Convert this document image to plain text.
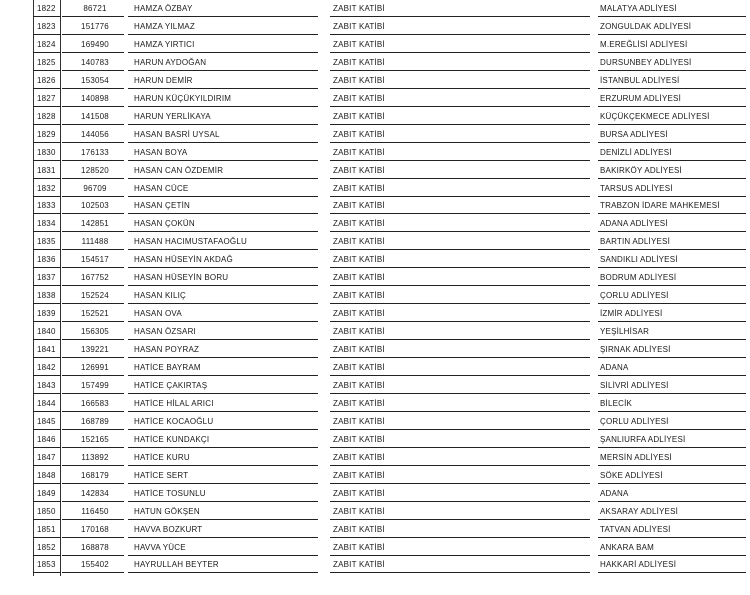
1822	86721	HAMZA ÖZBAY	ZABIT KATİBİ	MALATYA ADLİYESİ
1823	151776	HAMZA YILMAZ	ZABIT KATİBİ	ZONGULDAK ADLİYESİ
1824	169490	HAMZA YIRTICI	ZABIT KATİBİ	M.EREĞLİSİ ADLİYESİ
1825	140783	HARUN AYDOĞAN	ZABIT KATİBİ	DURSUNBEY ADLİYESİ
1826	153054	HARUN DEMİR	ZABIT KATİBİ	İSTANBUL ADLİYESİ
1827	140898	HARUN KÜÇÜKYILDIRIM	ZABIT KATİBİ	ERZURUM ADLİYESİ
1828	141508	HARUN YERLİKAYA	ZABIT KATİBİ	KÜÇÜKÇEKMECE ADLİYESİ
1829	144056	HASAN BASRİ UYSAL	ZABIT KATİBİ	BURSA ADLİYESİ
1830	176133	HASAN BOYA	ZABIT KATİBİ	DENİZLİ ADLİYESİ
1831	128520	HASAN CAN ÖZDEMİR	ZABIT KATİBİ	BAKIRKÖY ADLİYESİ
1832	96709	HASAN CÜCE	ZABIT KATİBİ	TARSUS ADLİYESİ
1833	102503	HASAN ÇETİN	ZABIT KATİBİ	TRABZON İDARE MAHKEMESİ
1834	142851	HASAN ÇOKÜN	ZABIT KATİBİ	ADANA ADLİYESİ
1835	111488	HASAN HACIMUSTAFAOĞLU	ZABIT KATİBİ	BARTIN ADLİYESİ
1836	154517	HASAN HÜSEYİN AKDAĞ	ZABIT KATİBİ	SANDIKLI ADLİYESİ
1837	167752	HASAN HÜSEYİN BORU	ZABIT KATİBİ	BODRUM ADLİYESİ
1838	152524	HASAN KILIÇ	ZABIT KATİBİ	ÇORLU ADLİYESİ
1839	152521	HASAN OVA	ZABIT KATİBİ	İZMİR ADLİYESİ
1840	156305	HASAN ÖZSARI	ZABIT KATİBİ	YEŞİLHİSAR
1841	139221	HASAN POYRAZ	ZABIT KATİBİ	ŞIRNAK ADLİYESİ
1842	126991	HATİCE BAYRAM	ZABIT KATİBİ	ADANA
1843	157499	HATİCE ÇAKIRTAŞ	ZABIT KATİBİ	SİLİVRİ ADLİYESİ
1844	166583	HATİCE HİLAL ARICI	ZABIT KATİBİ	BİLECİK
1845	168789	HATİCE KOCAOĞLU	ZABIT KATİBİ	ÇORLU ADLİYESİ
1846	152165	HATİCE KUNDAKÇI	ZABIT KATİBİ	ŞANLIURFA ADLİYESİ
1847	113892	HATİCE KURU	ZABIT KATİBİ	MERSİN ADLİYESİ
1848	168179	HATİCE SERT	ZABIT KATİBİ	SÖKE ADLİYESİ
1849	142834	HATİCE TOSUNLU	ZABIT KATİBİ	ADANA
1850	116450	HATUN GÖKŞEN	ZABIT KATİBİ	AKSARAY ADLİYESİ
1851	170168	HAVVA BOZKURT	ZABIT KATİBİ	TATVAN ADLİYESİ
1852	168878	HAVVA YÜCE	ZABIT KATİBİ	ANKARA BAM
1853	155402	HAYRULLAH BEYTER	ZABIT KATİBİ	HAKKARİ ADLİYESİ
